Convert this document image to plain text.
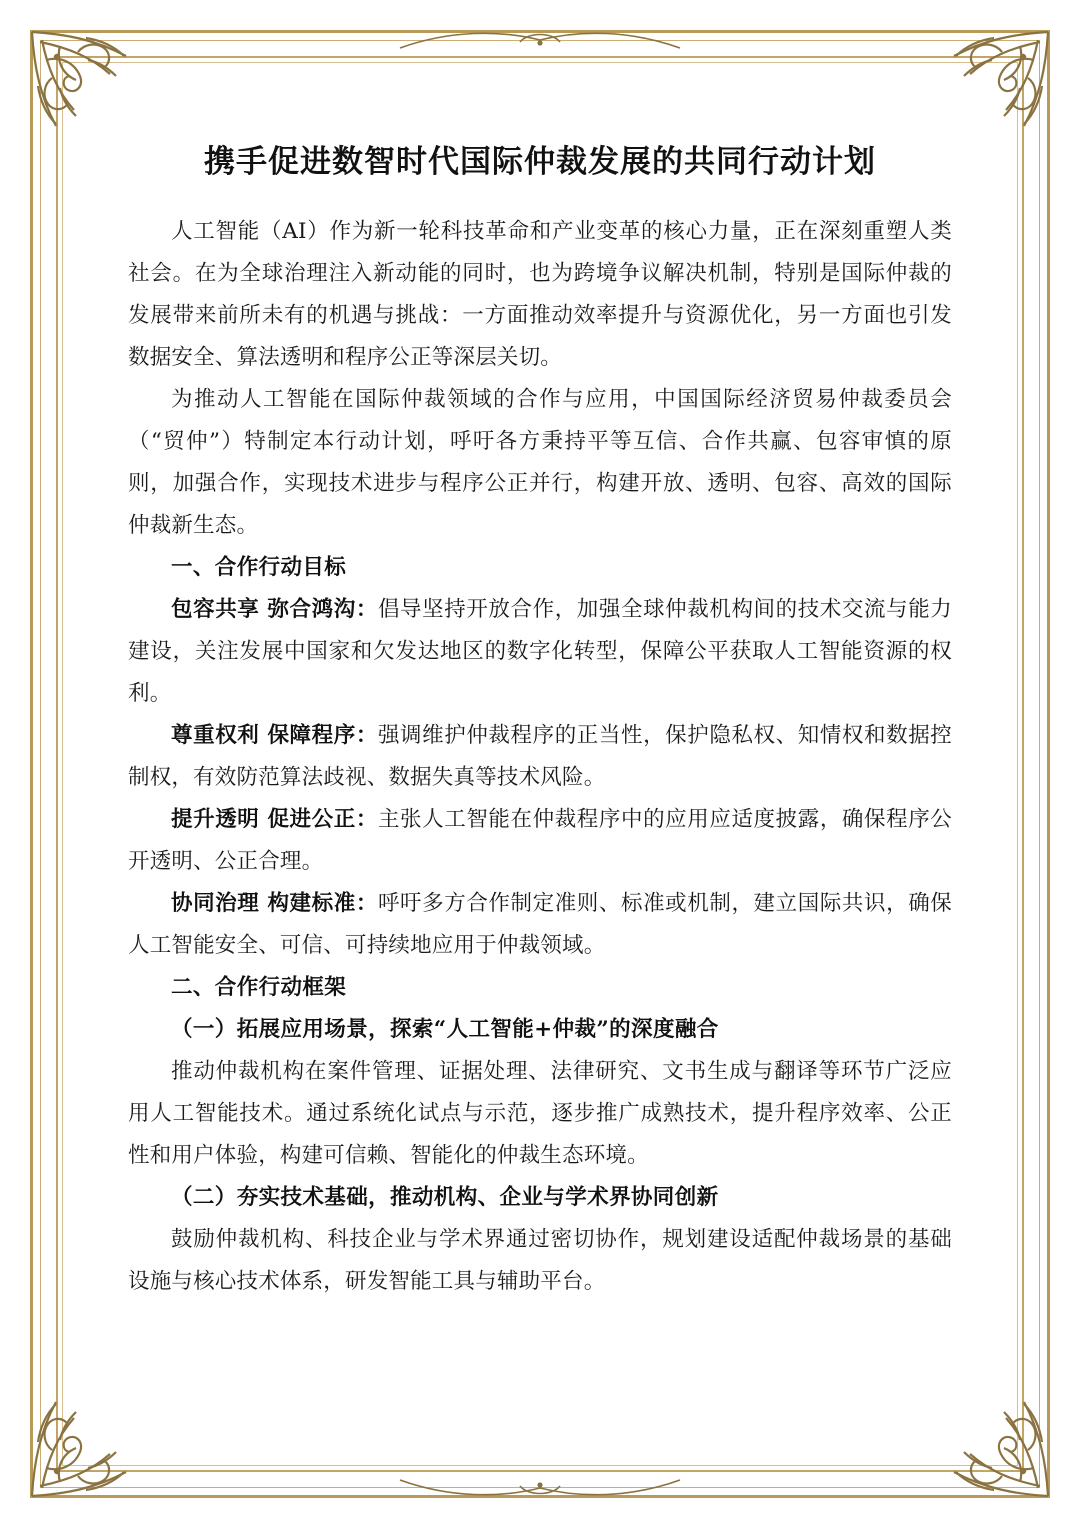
携手促进数智时代国际仲裁发展的共同行动计划

人工智能（AI）作为新一轮科技革命和产业变革的核心力量，正在深刻重塑人类社会。在为全球治理注入新动能的同时，也为跨境争议解决机制，特别是国际仲裁的发展带来前所未有的机遇与挑战：一方面推动效率提升与资源优化，另一方面也引发数据安全、算法透明和程序公正等深层关切。

为推动人工智能在国际仲裁领域的合作与应用，中国国际经济贸易仲裁委员会（“贸仲”）特制定本行动计划，呼吁各方秉持平等互信、合作共赢、包容审慎的原则，加强合作，实现技术进步与程序公正并行，构建开放、透明、包容、高效的国际仲裁新生态。

一、合作行动目标

包容共享 弥合鸿沟：倡导坚持开放合作，加强全球仲裁机构间的技术交流与能力建设，关注发展中国家和欠发达地区的数字化转型，保障公平获取人工智能资源的权利。

尊重权利 保障程序：强调维护仲裁程序的正当性，保护隐私权、知情权和数据控制权，有效防范算法歧视、数据失真等技术风险。

提升透明 促进公正：主张人工智能在仲裁程序中的应用应适度披露，确保程序公开透明、公正合理。

协同治理 构建标准：呼吁多方合作制定准则、标准或机制，建立国际共识，确保人工智能安全、可信、可持续地应用于仲裁领域。

二、合作行动框架

（一）拓展应用场景，探索“人工智能+仲裁”的深度融合

推动仲裁机构在案件管理、证据处理、法律研究、文书生成与翻译等环节广泛应用人工智能技术。通过系统化试点与示范，逐步推广成熟技术，提升程序效率、公正性和用户体验，构建可信赖、智能化的仲裁生态环境。

（二）夯实技术基础，推动机构、企业与学术界协同创新

鼓励仲裁机构、科技企业与学术界通过密切协作，规划建设适配仲裁场景的基础设施与核心技术体系，研发智能工具与辅助平台。
